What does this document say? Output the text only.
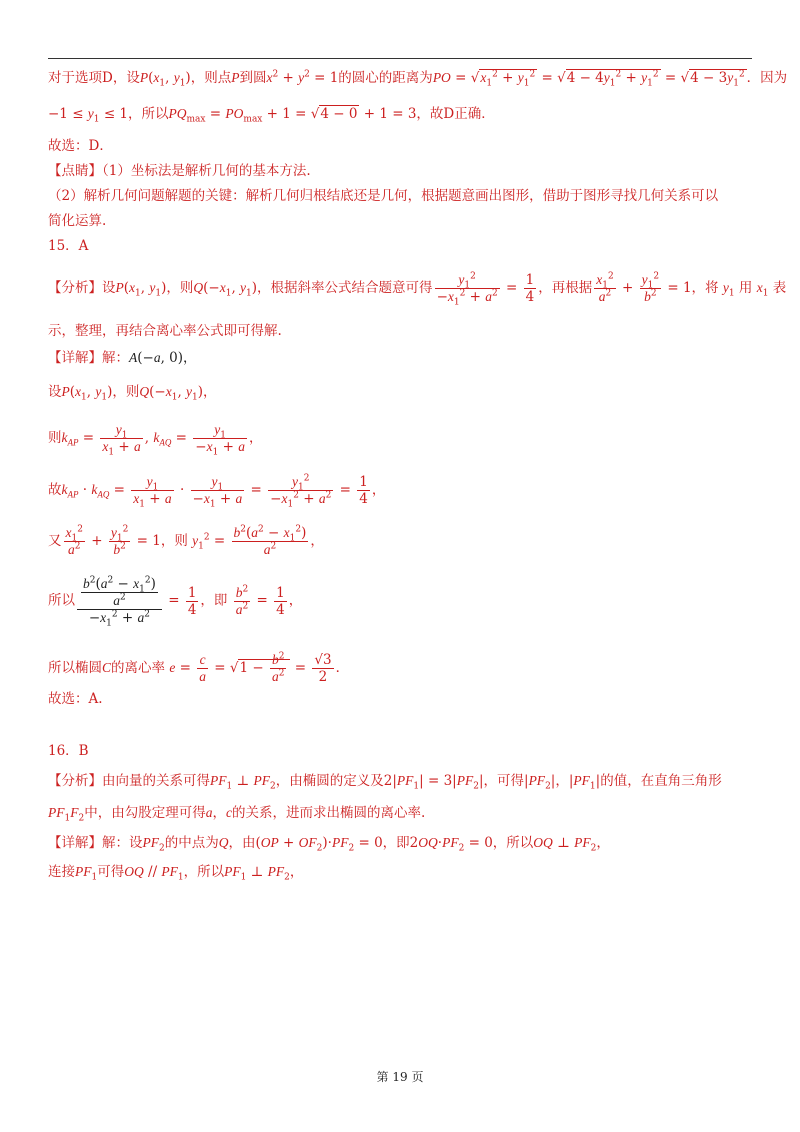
对于选项D，设$P(x_1$, $y_1$)，则点P到圆$x^2 + y^2 = 1$的圆心的距离为PO = $√x_1^2 + y_1^2 = √4 - 4y_1^2 + y_1^2 = √4 - 3y_1^2$ ．因为
$-1 \le y_1 \le 1$，所以$PQ_{max} = PO_{max} + 1 = √4 - 0 + 1 = 3$，故D正确．
故选：D．
【点睛】（1）坐标法是解析几何的基本方法.
（2）解析几何问题解题的关键：解析几何归根结底还是几何，根据题意画出图形，借助于图形寻找几何关系可以
简化运算.
15．A
【分析】设$P(x_1$, $y_1$)，则$Q(-x_1$, $y_1$)，根据斜率公式结合题意可得 $\frac{y_1^2}{-x_1^2 + a^2} = \frac{1}{4}$ ，再根据 $\frac{x_1^2}{a^2} + \frac{y_1^2}{b^2} = 1$，将 $y_1$ 用 $x_1$ 表
示，整理，再结合离心率公式即可得解.
【详解】解：A(−a, 0)，
设$P(x_1$, $y_1$)，则$Q(-x_1$, $y_1$)，
则$k_{AP} = \frac{y_1}{x_1 + a}$ , $k_{AQ} = \frac{y_1}{-x_1 + a}$ ，
故$k_{AP} \cdot k_{AQ} = \frac{y_1}{x_1 + a} \cdot \frac{y_1}{-x_1 + a} = \frac{y_1^2}{-x_1^2 + a^2} = \frac{1}{4}$ ，
又 $\frac{x_1^2}{a^2} + \frac{y_1^2}{b^2} = 1$，则 $y_1^2 = \frac{b^2(a^2 - x_1^2)}{a^2}$ ，
所以 $\frac{\frac{b^2(a^2 - x_1^2)}{a^2}}{-x_1^2 + a^2} = \frac{1}{4}$ ，即 $\frac{b^2}{a^2} = \frac{1}{4}$ ，
所以椭圆C的离心率 $e = \frac{c}{a} = √1 - \frac{b^2}{a^2} = \frac{√3}{2}$ ．
故选：A.
16．B
【分析】由向量的关系可得$PF_1$ ⊥ $PF_2$，由椭圆的定义及$2|PF_1| = 3|PF_2|$，可得$|PF_2|$，$|PF_1|$的值，在直角三角形
$PF_1F_2$中，由勾股定理可得a，c的关系，进而求出椭圆的离心率.
【详解】解：设$PF_2$的中点为Q，由$(OP + OF_2)\cdot PF_2 = 0$，即$2OQ\cdot PF_2 = 0$，所以OQ ⊥ $PF_2$，
连接$PF_1$可得OQ // $PF_1$，所以$PF_1$ ⊥ $PF_2$，
第 19 页
